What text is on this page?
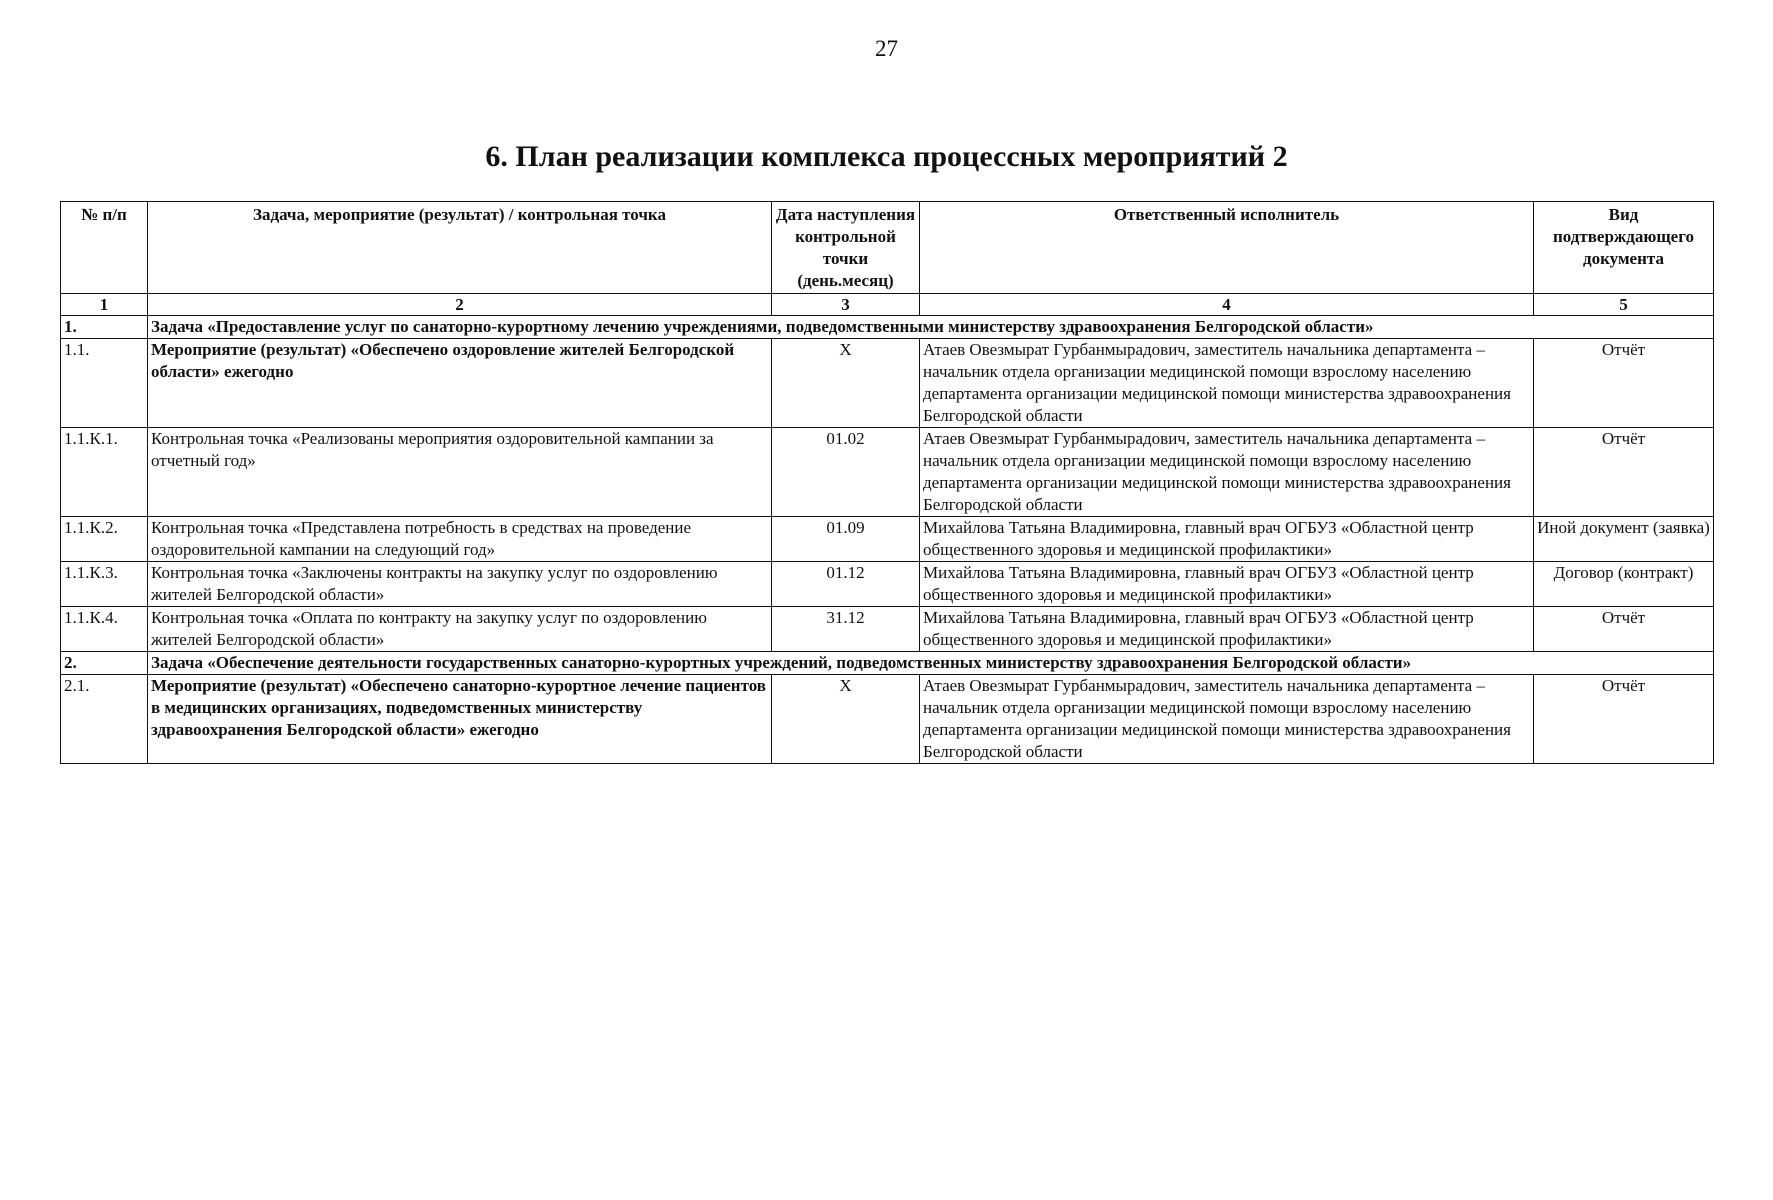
27
6. План реализации комплекса процессных мероприятий 2
№ п/п	Задача, мероприятие (результат) / контрольная точка	Дата наступления контрольной точки (день.месяц)	Ответственный исполнитель	Вид подтверждающего документа
1	2	3	4	5
1.	Задача «Предоставление услуг по санаторно-курортному лечению учреждениями, подведомственными министерству здравоохранения Белгородской области»			
1.1.	Мероприятие (результат) «Обеспечено оздоровление жителей Белгородской области» ежегодно	X	Атаев Овезмырат Гурбанмырадович, заместитель начальника департамента – начальник отдела организации медицинской помощи взрослому населению департамента организации медицинской помощи министерства здравоохранения Белгородской области	Отчёт
1.1.К.1.	Контрольная точка «Реализованы мероприятия оздоровительной кампании за отчетный год»	01.02	Атаев Овезмырат Гурбанмырадович, заместитель начальника департамента – начальник отдела организации медицинской помощи взрослому населению департамента организации медицинской помощи министерства здравоохранения Белгородской области	Отчёт
1.1.К.2.	Контрольная точка «Представлена потребность в средствах на проведение оздоровительной кампании на следующий год»	01.09	Михайлова Татьяна Владимировна, главный врач ОГБУЗ «Областной центр общественного здоровья и медицинской профилактики»	Иной документ (заявка)
1.1.К.3.	Контрольная точка «Заключены контракты на закупку услуг по оздоровлению жителей Белгородской области»	01.12	Михайлова Татьяна Владимировна, главный врач ОГБУЗ «Областной центр общественного здоровья и медицинской профилактики»	Договор (контракт)
1.1.К.4.	Контрольная точка «Оплата по контракту на закупку услуг по оздоровлению жителей Белгородской области»	31.12	Михайлова Татьяна Владимировна, главный врач ОГБУЗ «Областной центр общественного здоровья и медицинской профилактики»	Отчёт
2.	Задача «Обеспечение деятельности государственных санаторно-курортных учреждений, подведомственных министерству здравоохранения Белгородской области»			
2.1.	Мероприятие (результат) «Обеспечено санаторно-курортное лечение пациентов в медицинских организациях, подведомственных министерству здравоохранения Белгородской области» ежегодно	X	Атаев Овезмырат Гурбанмырадович, заместитель начальника департамента – начальник отдела организации медицинской помощи взрослому населению департамента организации медицинской помощи министерства здравоохранения Белгородской области	Отчёт
